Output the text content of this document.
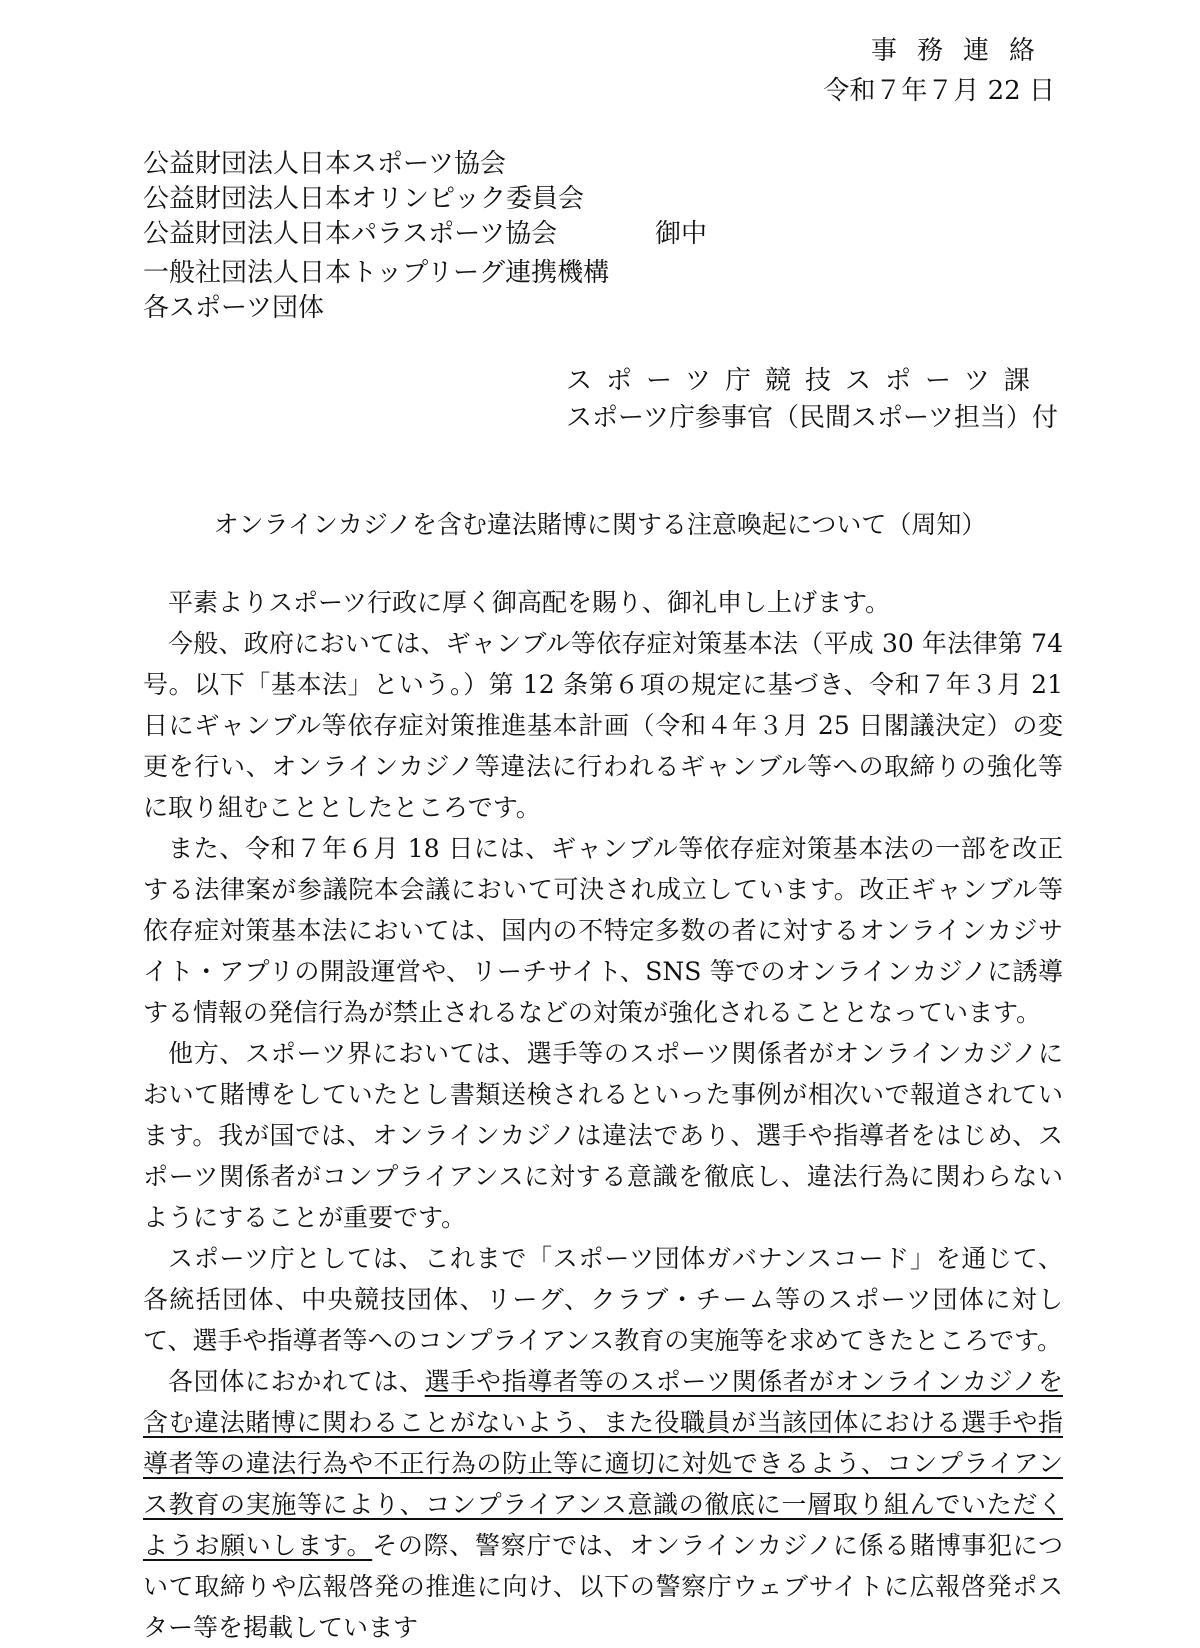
事務連絡
令和７年７月 22 日
公益財団法人日本スポーツ協会
公益財団法人日本オリンピック委員会
公益財団法人日本パラスポーツ協会
一般社団法人日本トップリーグ連携機構
各スポーツ団体
御中
スポーツ庁競技スポーツ課
スポーツ庁参事官（民間スポーツ担当）付
オンラインカジノを含む違法賭博に関する注意喚起について（周知）

平素よりスポーツ行政に厚く御高配を賜り、御礼申し上げます。

今般、政府においては、ギャンブル等依存症対策基本法（平成 30 年法律第 74 号。以下「基本法」という。）第 12 条第６項の規定に基づき、令和７年３月 21 日にギャンブル等依存症対策推進基本計画（令和４年３月 25 日閣議決定）の変更を行い、オンラインカジノ等違法に行われるギャンブル等への取締りの強化等に取り組むこととしたところです。

また、令和７年６月 18 日には、ギャンブル等依存症対策基本法の一部を改正する法律案が参議院本会議において可決され成立しています。改正ギャンブル等依存症対策基本法においては、国内の不特定多数の者に対するオンラインカジサイト・アプリの開設運営や、リーチサイト、SNS 等でのオンラインカジノに誘導する情報の発信行為が禁止されるなどの対策が強化されることとなっています。

他方、スポーツ界においては、選手等のスポーツ関係者がオンラインカジノにおいて賭博をしていたとし書類送検されるといった事例が相次いで報道されています。我が国では、オンラインカジノは違法であり、選手や指導者をはじめ、スポーツ関係者がコンプライアンスに対する意識を徹底し、違法行為に関わらないようにすることが重要です。

スポーツ庁としては、これまで「スポーツ団体ガバナンスコード」を通じて、各統括団体、中央競技団体、リーグ、クラブ・チーム等のスポーツ団体に対して、選手や指導者等へのコンプライアンス教育の実施等を求めてきたところです。

各団体におかれては、選手や指導者等のスポーツ関係者がオンラインカジノを含む違法賭博に関わることがないよう、また役職員が当該団体における選手や指導者等の違法行為や不正行為の防止等に適切に対処できるよう、コンプライアンス教育の実施等により、コンプライアンス意識の徹底に一層取り組んでいただくようお願いします。その際、警察庁では、オンラインカジノに係る賭博事犯について取締りや広報啓発の推進に向け、以下の警察庁ウェブサイトに広報啓発ポスター等を掲載しています
